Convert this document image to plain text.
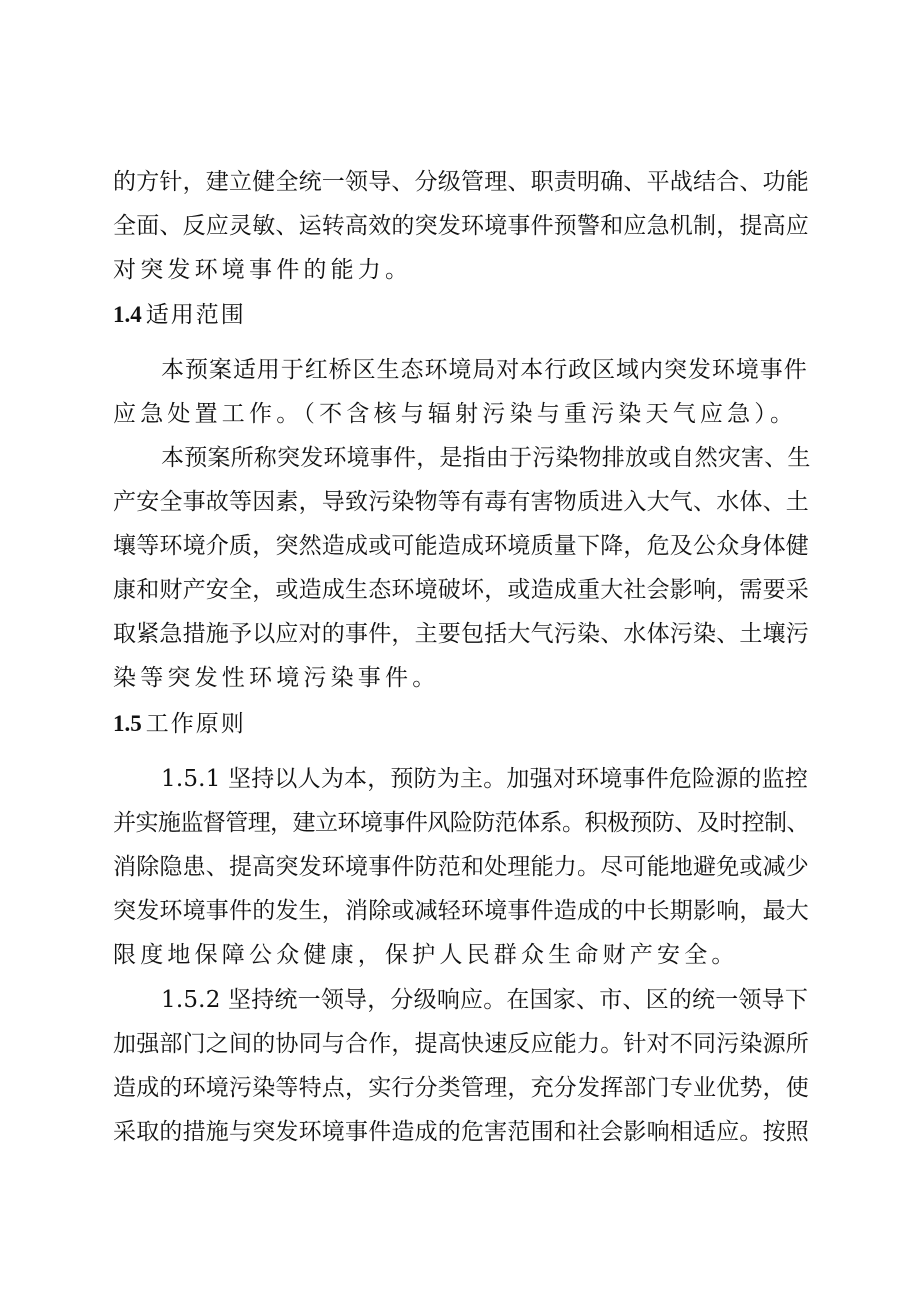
的方针，建立健全统一领导、分级管理、职责明确、平战结合、功能
全面、反应灵敏、运转高效的突发环境事件预警和应急机制，提高应
对突发环境事件的能力。
1.4 适用范围
本预案适用于红桥区生态环境局对本行政区域内突发环境事件
应急处置工作。（不含核与辐射污染与重污染天气应急）。
本预案所称突发环境事件，是指由于污染物排放或自然灾害、生
产安全事故等因素，导致污染物等有毒有害物质进入大气、水体、土
壤等环境介质，突然造成或可能造成环境质量下降，危及公众身体健
康和财产安全，或造成生态环境破坏，或造成重大社会影响，需要采
取紧急措施予以应对的事件，主要包括大气污染、水体污染、土壤污
染等突发性环境污染事件。
1.5 工作原则
1.5.1 坚持以人为本，预防为主。加强对环境事件危险源的监控
并实施监督管理，建立环境事件风险防范体系。积极预防、及时控制、
消除隐患、提高突发环境事件防范和处理能力。尽可能地避免或减少
突发环境事件的发生，消除或减轻环境事件造成的中长期影响，最大
限度地保障公众健康，保护人民群众生命财产安全。
1.5.2 坚持统一领导，分级响应。在国家、市、区的统一领导下
加强部门之间的协同与合作，提高快速反应能力。针对不同污染源所
造成的环境污染等特点，实行分类管理，充分发挥部门专业优势，使
采取的措施与突发环境事件造成的危害范围和社会影响相适应。按照
